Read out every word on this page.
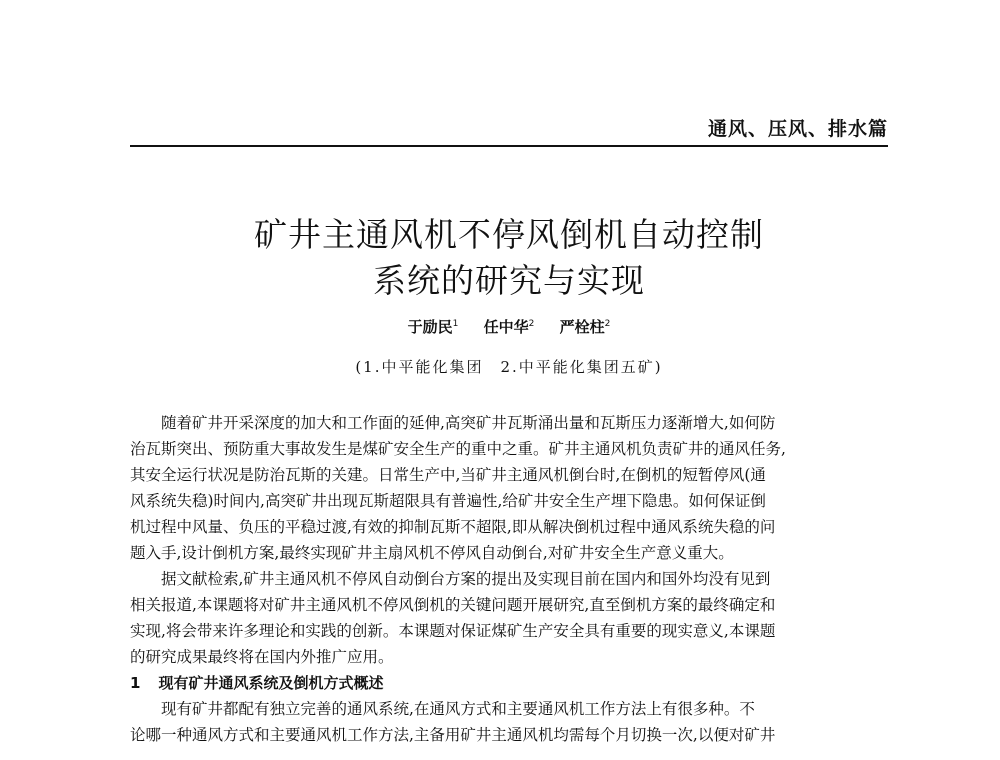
通风、压风、排水篇
矿井主通风机不停风倒机自动控制
系统的研究与实现
于励民$^1$ 任中华$^2$ 严栓柱$^2$
(1.中平能化集团　2.中平能化集团五矿)
随着矿井开采深度的加大和工作面的延伸,高突矿井瓦斯涌出量和瓦斯压力逐渐增大,如何防
治瓦斯突出、预防重大事故发生是煤矿安全生产的重中之重。矿井主通风机负责矿井的通风任务,
其安全运行状况是防治瓦斯的关建。日常生产中,当矿井主通风机倒台时,在倒机的短暂停风(通
风系统失稳)时间内,高突矿井出现瓦斯超限具有普遍性,给矿井安全生产埋下隐患。如何保证倒
机过程中风量、负压的平稳过渡,有效的抑制瓦斯不超限,即从解决倒机过程中通风系统失稳的问
题入手,设计倒机方案,最终实现矿井主扇风机不停风自动倒台,对矿井安全生产意义重大。
据文献检索,矿井主通风机不停风自动倒台方案的提出及实现目前在国内和国外均没有见到
相关报道,本课题将对矿井主通风机不停风倒机的关键问题开展研究,直至倒机方案的最终确定和
实现,将会带来许多理论和实践的创新。本课题对保证煤矿生产安全具有重要的现实意义,本课题
的研究成果最终将在国内外推广应用。
1 现有矿井通风系统及倒机方式概述
现有矿井都配有独立完善的通风系统,在通风方式和主要通风机工作方法上有很多种。不
论哪一种通风方式和主要通风机工作方法,主备用矿井主通风机均需每个月切换一次,以便对矿井
